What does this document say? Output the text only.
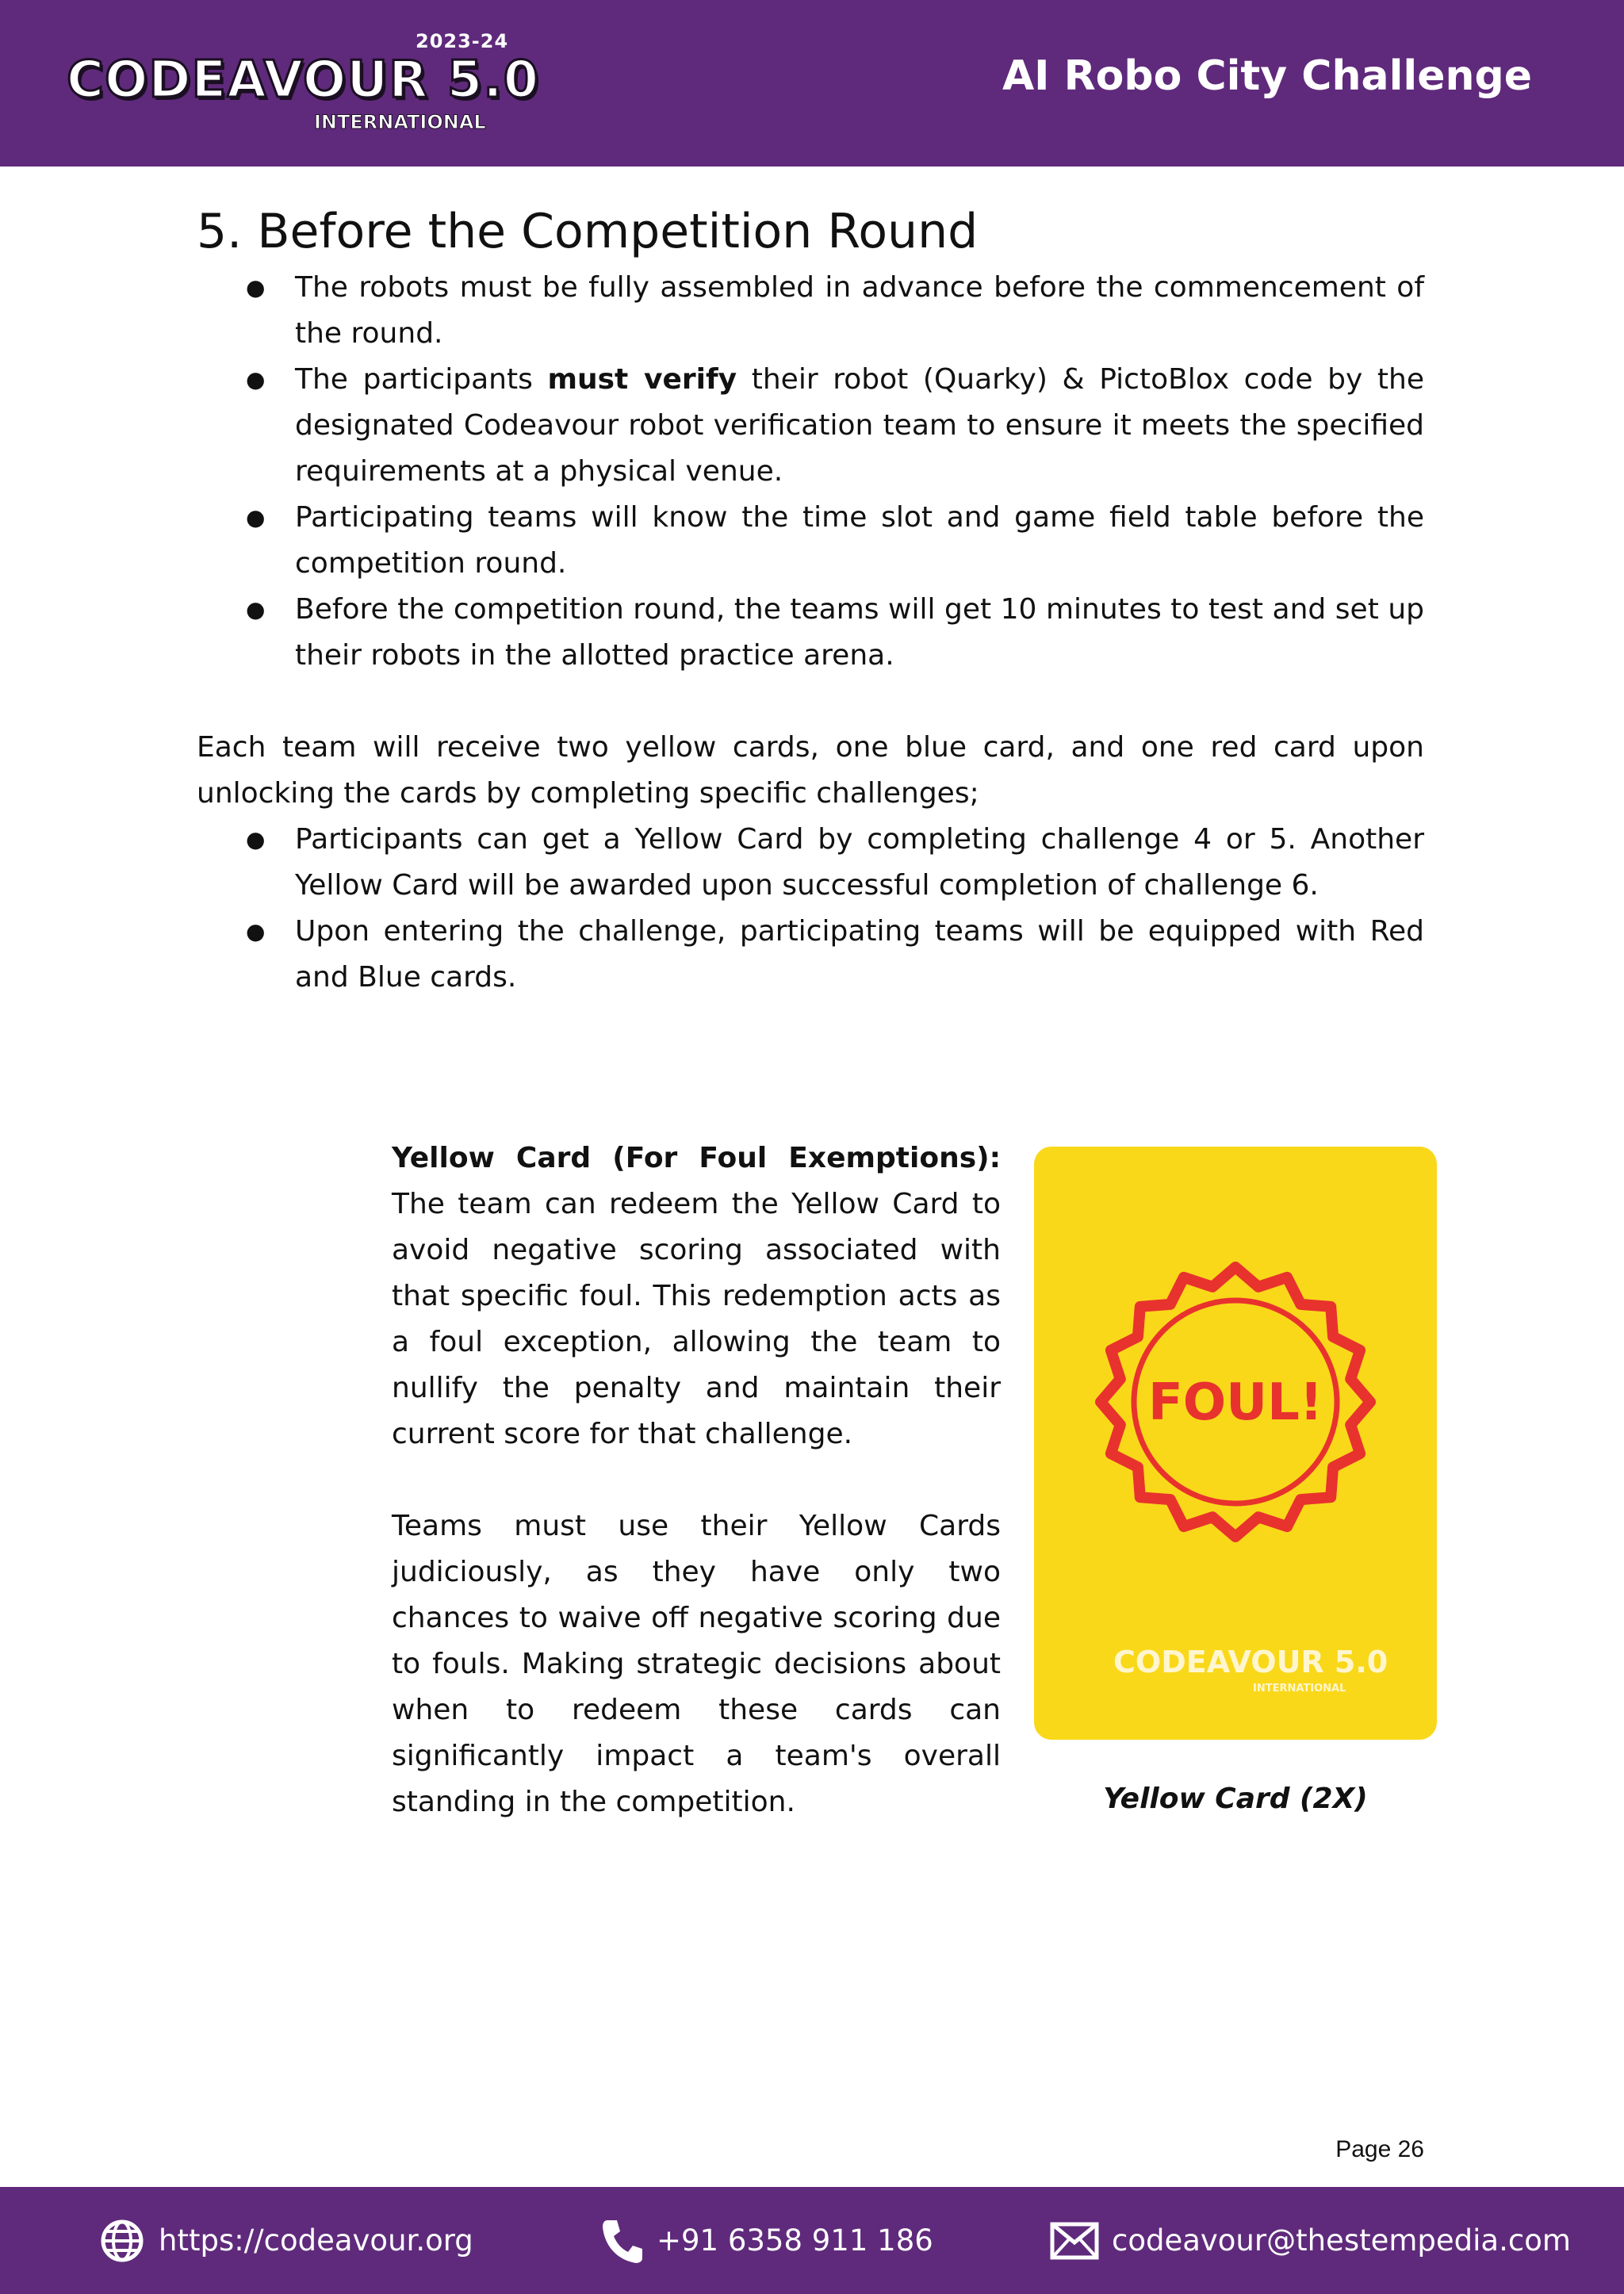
2023-24
CODEAVOUR 5.0
INTERNATIONAL
AI Robo City Challenge
5. Before the Competition Round
● The robots must be fully assembled in advance before the commencement of the round.
● The participants must verify their robot (Quarky) & PictoBlox code by the designated Codeavour robot verification team to ensure it meets the specified requirements at a physical venue.
● Participating teams will know the time slot and game field table before the competition round.
● Before the competition round, the teams will get 10 minutes to test and set up their robots in the allotted practice arena.

Each team will receive two yellow cards, one blue card, and one red card upon unlocking the cards by completing specific challenges;

● Participants can get a Yellow Card by completing challenge 4 or 5. Another Yellow Card will be awarded upon successful completion of challenge 6.
● Upon entering the challenge, participating teams will be equipped with Red and Blue cards.

Yellow Card (For Foul Exemptions): The team can redeem the Yellow Card to avoid negative scoring associated with that specific foul. This redemption acts as a foul exception, allowing the team to nullify the penalty and maintain their current score for that challenge.

Teams must use their Yellow Cards judiciously, as they have only two chances to waive off negative scoring due to fouls. Making strategic decisions about when to redeem these cards can significantly impact a team's overall standing in the competition.

FOUL!
CODEAVOUR 5.0
INTERNATIONAL
Yellow Card (2X)
Page 26
https://codeavour.org	+91 6358 911 186	codeavour@thestempedia.com
